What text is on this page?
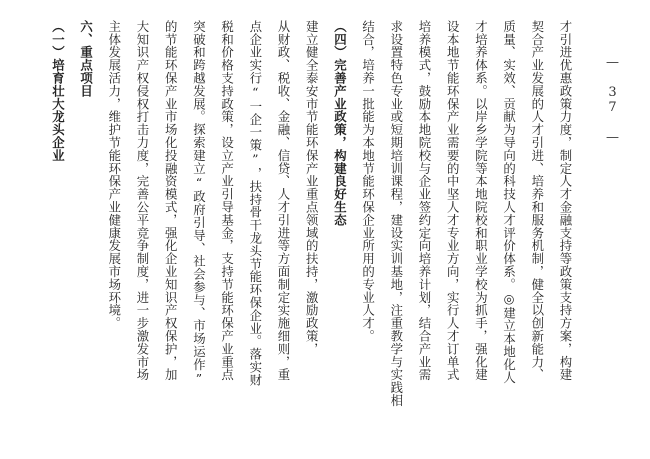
才引进优惠政策力度，制定人才金融支持等政策支持方案，构建
契合产业发展的人才引进、培养和服务机制，健全以创新能力、
质量、实效、贡献为导向的科技人才评价体系。◎建立本地化人
才培养体系。以岸乡学院等本地院校和职业学校为抓手，强化建
设本地节能环保产业需要的中坚人才专业方向，实行人才订单式
培养模式，鼓励本地院校与企业签约定向培养计划，结合产业需
求设置特色专业或短期培训课程，建设实训基地，注重教学与实践相
结合，培养一批能为本地节能环保企业所用的专业人才。
（四）完善产业政策，构建良好生态
建立健全泰安市节能环保产业重点领域的扶持，激励政策，
从财政、税收、金融、信贷、人才引进等方面制定实施细则，重
点企业实行“一企一策”，扶持骨干龙头节能环保企业。落实财
税和价格支持政策，设立产业引导基金，支持节能环保产业重点
突破和跨越发展。探索建立“政府引导、社会参与、市场运作”
的节能环保产业市场化投融资模式，强化企业知识产权保护，加
大知识产权侵权打击力度，完善公平竞争制度，进一步激发市场
主体发展活力，维护节能环保产业健康发展市场环境。
六、重点项目
（一）培育壮大龙头企业	— 37 —
